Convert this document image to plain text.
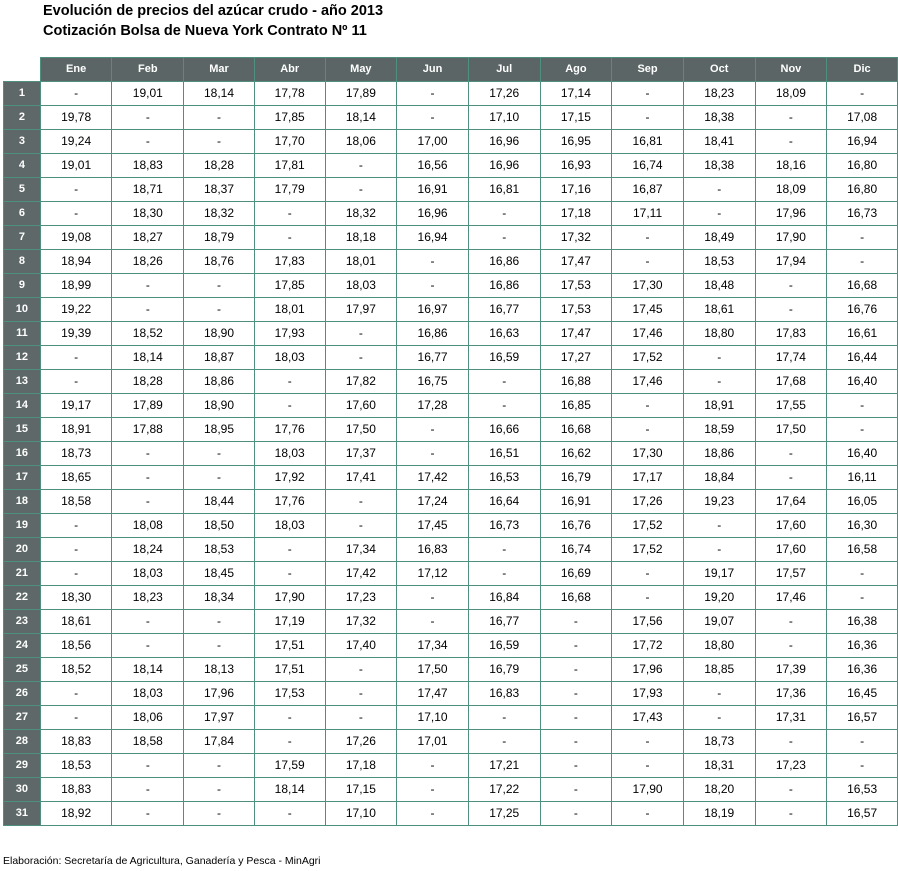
Evolución de precios del azúcar crudo - año 2013
Cotización Bolsa de Nueva York Contrato Nº 11
	Ene	Feb	Mar	Abr	May	Jun	Jul	Ago	Sep	Oct	Nov	Dic
1	-	19,01	18,14	17,78	17,89	-	17,26	17,14	-	18,23	18,09	-
2	19,78	-	-	17,85	18,14	-	17,10	17,15	-	18,38	-	17,08
3	19,24	-	-	17,70	18,06	17,00	16,96	16,95	16,81	18,41	-	16,94
4	19,01	18,83	18,28	17,81	-	16,56	16,96	16,93	16,74	18,38	18,16	16,80
5	-	18,71	18,37	17,79	-	16,91	16,81	17,16	16,87	-	18,09	16,80
6	-	18,30	18,32	-	18,32	16,96	-	17,18	17,11	-	17,96	16,73
7	19,08	18,27	18,79	-	18,18	16,94	-	17,32	-	18,49	17,90	-
8	18,94	18,26	18,76	17,83	18,01	-	16,86	17,47	-	18,53	17,94	-
9	18,99	-	-	17,85	18,03	-	16,86	17,53	17,30	18,48	-	16,68
10	19,22	-	-	18,01	17,97	16,97	16,77	17,53	17,45	18,61	-	16,76
11	19,39	18,52	18,90	17,93	-	16,86	16,63	17,47	17,46	18,80	17,83	16,61
12	-	18,14	18,87	18,03	-	16,77	16,59	17,27	17,52	-	17,74	16,44
13	-	18,28	18,86	-	17,82	16,75	-	16,88	17,46	-	17,68	16,40
14	19,17	17,89	18,90	-	17,60	17,28	-	16,85	-	18,91	17,55	-
15	18,91	17,88	18,95	17,76	17,50	-	16,66	16,68	-	18,59	17,50	-
16	18,73	-	-	18,03	17,37	-	16,51	16,62	17,30	18,86	-	16,40
17	18,65	-	-	17,92	17,41	17,42	16,53	16,79	17,17	18,84	-	16,11
18	18,58	-	18,44	17,76	-	17,24	16,64	16,91	17,26	19,23	17,64	16,05
19	-	18,08	18,50	18,03	-	17,45	16,73	16,76	17,52	-	17,60	16,30
20	-	18,24	18,53	-	17,34	16,83	-	16,74	17,52	-	17,60	16,58
21	-	18,03	18,45	-	17,42	17,12	-	16,69	-	19,17	17,57	-
22	18,30	18,23	18,34	17,90	17,23	-	16,84	16,68	-	19,20	17,46	-
23	18,61	-	-	17,19	17,32	-	16,77	-	17,56	19,07	-	16,38
24	18,56	-	-	17,51	17,40	17,34	16,59	-	17,72	18,80	-	16,36
25	18,52	18,14	18,13	17,51	-	17,50	16,79	-	17,96	18,85	17,39	16,36
26	-	18,03	17,96	17,53	-	17,47	16,83	-	17,93	-	17,36	16,45
27	-	18,06	17,97	-	-	17,10	-	-	17,43	-	17,31	16,57
28	18,83	18,58	17,84	-	17,26	17,01	-	-	-	18,73	-	-
29	18,53	-	-	17,59	17,18	-	17,21	-	-	18,31	17,23	-
30	18,83	-	-	18,14	17,15	-	17,22	-	17,90	18,20	-	16,53
31	18,92	-	-	-	17,10	-	17,25	-	-	18,19	-	16,57
Elaboración: Secretaría de Agricultura, Ganadería y Pesca - MinAgri
